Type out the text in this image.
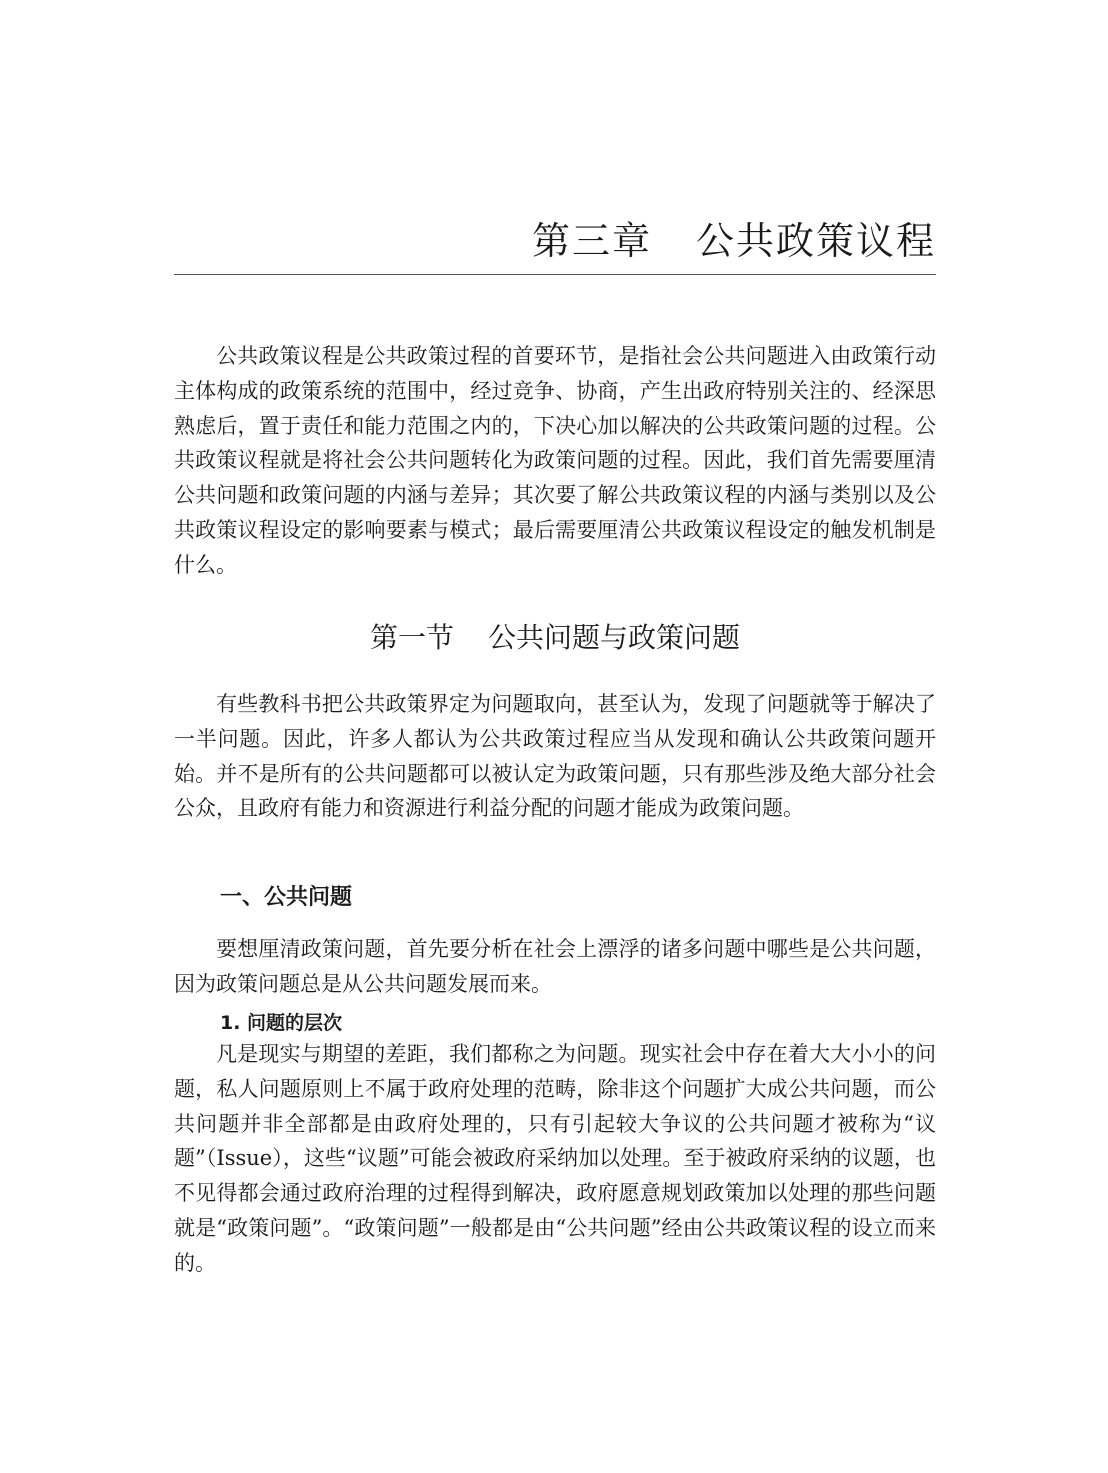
第三章 公共政策议程

公共政策议程是公共政策过程的首要环节，是指社会公共问题进入由政策行动主体构成的政策系统的范围中，经过竞争、协商，产生出政府特别关注的、经深思熟虑后，置于责任和能力范围之内的，下决心加以解决的公共政策问题的过程。公共政策议程就是将社会公共问题转化为政策问题的过程。因此，我们首先需要厘清公共问题和政策问题的内涵与差异；其次要了解公共政策议程的内涵与类别以及公共政策议程设定的影响要素与模式；最后需要厘清公共政策议程设定的触发机制是什么。

第一节 公共问题与政策问题

有些教科书把公共政策界定为问题取向，甚至认为，发现了问题就等于解决了一半问题。因此，许多人都认为公共政策过程应当从发现和确认公共政策问题开始。并不是所有的公共问题都可以被认定为政策问题，只有那些涉及绝大部分社会公众，且政府有能力和资源进行利益分配的问题才能成为政策问题。

一、公共问题

要想厘清政策问题，首先要分析在社会上漂浮的诸多问题中哪些是公共问题，因为政策问题总是从公共问题发展而来。

1. 问题的层次

凡是现实与期望的差距，我们都称之为问题。现实社会中存在着大大小小的问题，私人问题原则上不属于政府处理的范畴，除非这个问题扩大成公共问题，而公共问题并非全部都是由政府处理的，只有引起较大争议的公共问题才被称为“议题”（Issue），这些“议题”可能会被政府采纳加以处理。至于被政府采纳的议题，也不见得都会通过政府治理的过程得到解决，政府愿意规划政策加以处理的那些问题就是“政策问题”。“政策问题”一般都是由“公共问题”经由公共政策议程的设立而来的。
